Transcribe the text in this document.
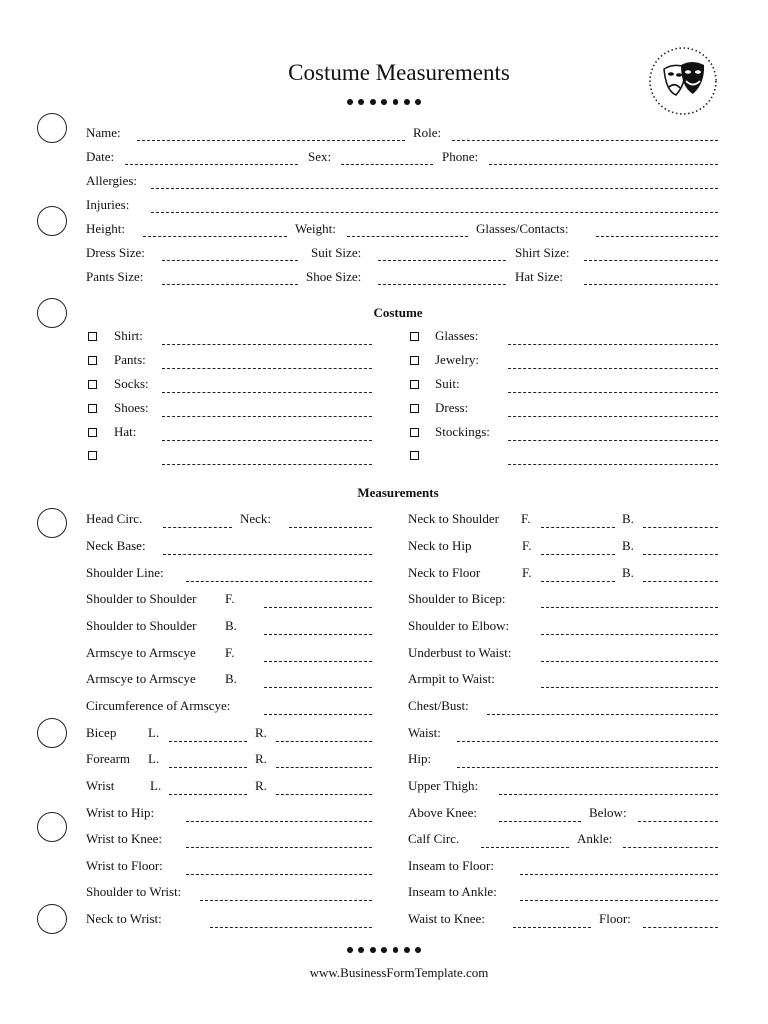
Costume Measurements
Name:	Role:
Date:	Sex:	Phone:
Allergies:
Injuries:
Height:	Weight:	Glasses/Contacts:
Dress Size:	Suit Size:	Shirt Size:
Pants Size:	Shoe Size:	Hat Size:
Costume
Shirt:
Pants:
Socks:
Shoes:
Hat:
Glasses:
Jewelry:
Suit:
Dress:
Stockings:
Measurements
Head Circ.	Neck:
Neck Base:
Shoulder Line:
Shoulder to Shoulder F.
Shoulder to Shoulder B.
Armscye to Armscye F.
Armscye to Armscye B.
Circumference of Armscye:
Bicep L.	R.
Forearm L.	R.
Wrist	L.	R.
Wrist to Hip:
Wrist to Knee:
Wrist to Floor:
Shoulder to Wrist:
Neck to Wrist:
Neck to Shoulder F.	B.
Neck to Hip	F.	B.
Neck to Floor	F.	B.
Shoulder to Bicep:
Shoulder to Elbow:
Underbust to Waist:
Armpit to Waist:
Chest/Bust:
Waist:
Hip:
Upper Thigh:
Above Knee:	Below:
Calf Circ.	Ankle:
Inseam to Floor:
Inseam to Ankle:
Waist to Knee:	Floor:
www.BusinessFormTemplate.com
